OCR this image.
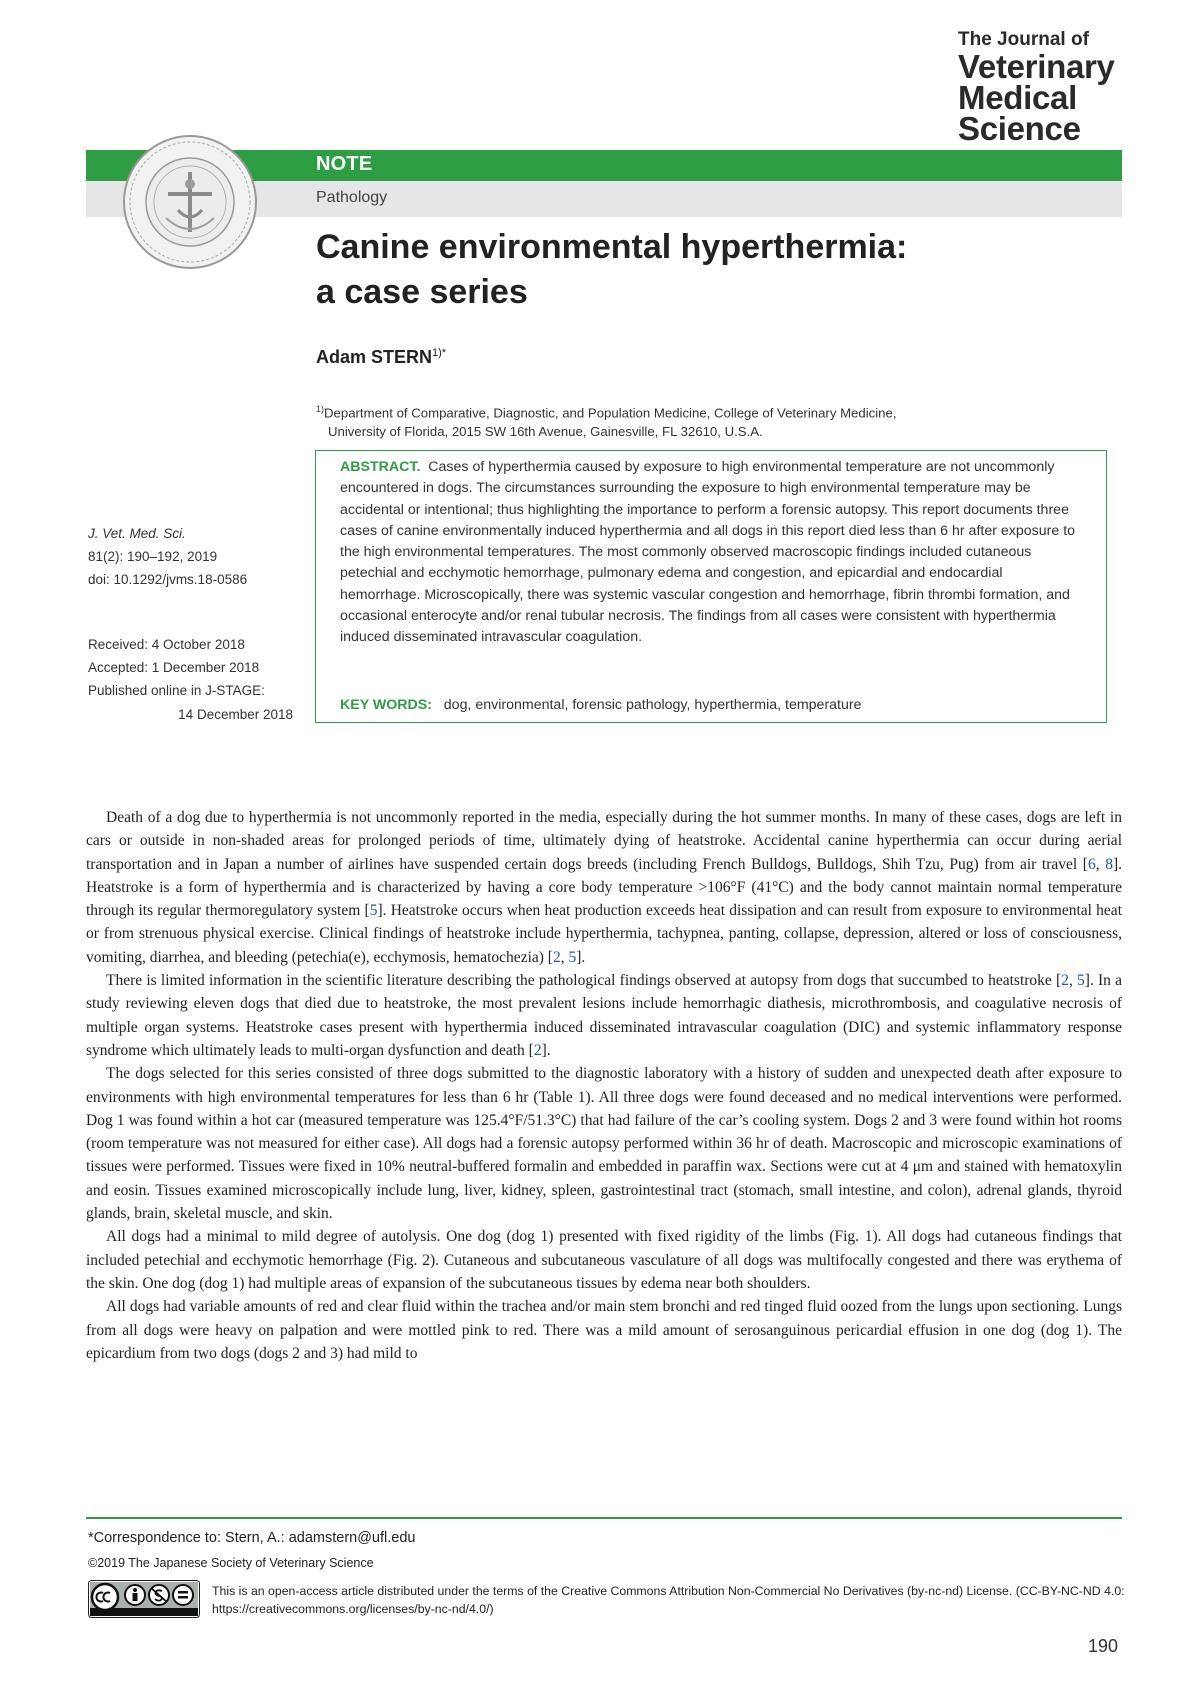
The Journal of
Veterinary
Medical
Science
NOTE
Pathology
Canine environmental hyperthermia:
a case series
Adam $STERN^{1)*}$
$^{1)}$Department of Comparative, Diagnostic, and Population Medicine, College of Veterinary Medicine,
University of Florida, 2015 SW 16th Avenue, Gainesville, FL 32610, U.S.A.

ABSTRACT. Cases of hyperthermia caused by exposure to high environmental temperature are not uncommonly encountered in dogs. The circumstances surrounding the exposure to high environmental temperature may be accidental or intentional; thus highlighting the importance to perform a forensic autopsy. This report documents three cases of canine environmentally induced hyperthermia and all dogs in this report died less than 6 hr after exposure to the high environmental temperatures. The most commonly observed macroscopic findings included cutaneous petechial and ecchymotic hemorrhage, pulmonary edema and congestion, and epicardial and endocardial hemorrhage. Microscopically, there was systemic vascular congestion and hemorrhage, fibrin thrombi formation, and occasional enterocyte and/or renal tubular necrosis. The findings from all cases were consistent with hyperthermia induced disseminated intravascular coagulation.

KEY WORDS: dog, environmental, forensic pathology, hyperthermia, temperature
J. Vet. Med. Sci.
81(2): 190–192, 2019
doi: 10.1292/jvms.18-0586
Received: 4 October 2018
Accepted: 1 December 2018
Published online in J-STAGE:
14 December 2018

Death of a dog due to hyperthermia is not uncommonly reported in the media, especially during the hot summer months. In many of these cases, dogs are left in cars or outside in non-shaded areas for prolonged periods of time, ultimately dying of heatstroke. Accidental canine hyperthermia can occur during aerial transportation and in Japan a number of airlines have suspended certain dogs breeds (including French Bulldogs, Bulldogs, Shih Tzu, Pug) from air travel [6, 8]. Heatstroke is a form of hyperthermia and is characterized by having a core body temperature >106°F (41°C) and the body cannot maintain normal temperature through its regular thermoregulatory system [5]. Heatstroke occurs when heat production exceeds heat dissipation and can result from exposure to environmental heat or from strenuous physical exercise. Clinical findings of heatstroke include hyperthermia, tachypnea, panting, collapse, depression, altered or loss of consciousness, vomiting, diarrhea, and bleeding (petechia(e), ecchymosis, hematochezia) [2, 5].

There is limited information in the scientific literature describing the pathological findings observed at autopsy from dogs that succumbed to heatstroke [2, 5]. In a study reviewing eleven dogs that died due to heatstroke, the most prevalent lesions include hemorrhagic diathesis, microthrombosis, and coagulative necrosis of multiple organ systems. Heatstroke cases present with hyperthermia induced disseminated intravascular coagulation (DIC) and systemic inflammatory response syndrome which ultimately leads to multi-organ dysfunction and death [2].

The dogs selected for this series consisted of three dogs submitted to the diagnostic laboratory with a history of sudden and unexpected death after exposure to environments with high environmental temperatures for less than 6 hr (Table 1). All three dogs were found deceased and no medical interventions were performed. Dog 1 was found within a hot car (measured temperature was 125.4°F/51.3°C) that had failure of the car’s cooling system. Dogs 2 and 3 were found within hot rooms (room temperature was not measured for either case). All dogs had a forensic autopsy performed within 36 hr of death. Macroscopic and microscopic examinations of tissues were performed. Tissues were fixed in 10% neutral-buffered formalin and embedded in paraffin wax. Sections were cut at 4 μm and stained with hematoxylin and eosin. Tissues examined microscopically include lung, liver, kidney, spleen, gastrointestinal tract (stomach, small intestine, and colon), adrenal glands, thyroid glands, brain, skeletal muscle, and skin.

All dogs had a minimal to mild degree of autolysis. One dog (dog 1) presented with fixed rigidity of the limbs (Fig. 1). All dogs had cutaneous findings that included petechial and ecchymotic hemorrhage (Fig. 2). Cutaneous and subcutaneous vasculature of all dogs was multifocally congested and there was erythema of the skin. One dog (dog 1) had multiple areas of expansion of the subcutaneous tissues by edema near both shoulders.

All dogs had variable amounts of red and clear fluid within the trachea and/or main stem bronchi and red tinged fluid oozed from the lungs upon sectioning. Lungs from all dogs were heavy on palpation and were mottled pink to red. There was a mild amount of serosanguinous pericardial effusion in one dog (dog 1). The epicardium from two dogs (dogs 2 and 3) had mild to

*Correspondence to: Stern, A.: adamstern@ufl.edu
©2019 The Japanese Society of Veterinary Science
This is an open-access article distributed under the terms of the Creative Commons Attribution Non-Commercial No Derivatives (by-nc-nd) License. (CC-BY-NC-ND 4.0: https://creativecommons.org/licenses/by-nc-nd/4.0/)
190
